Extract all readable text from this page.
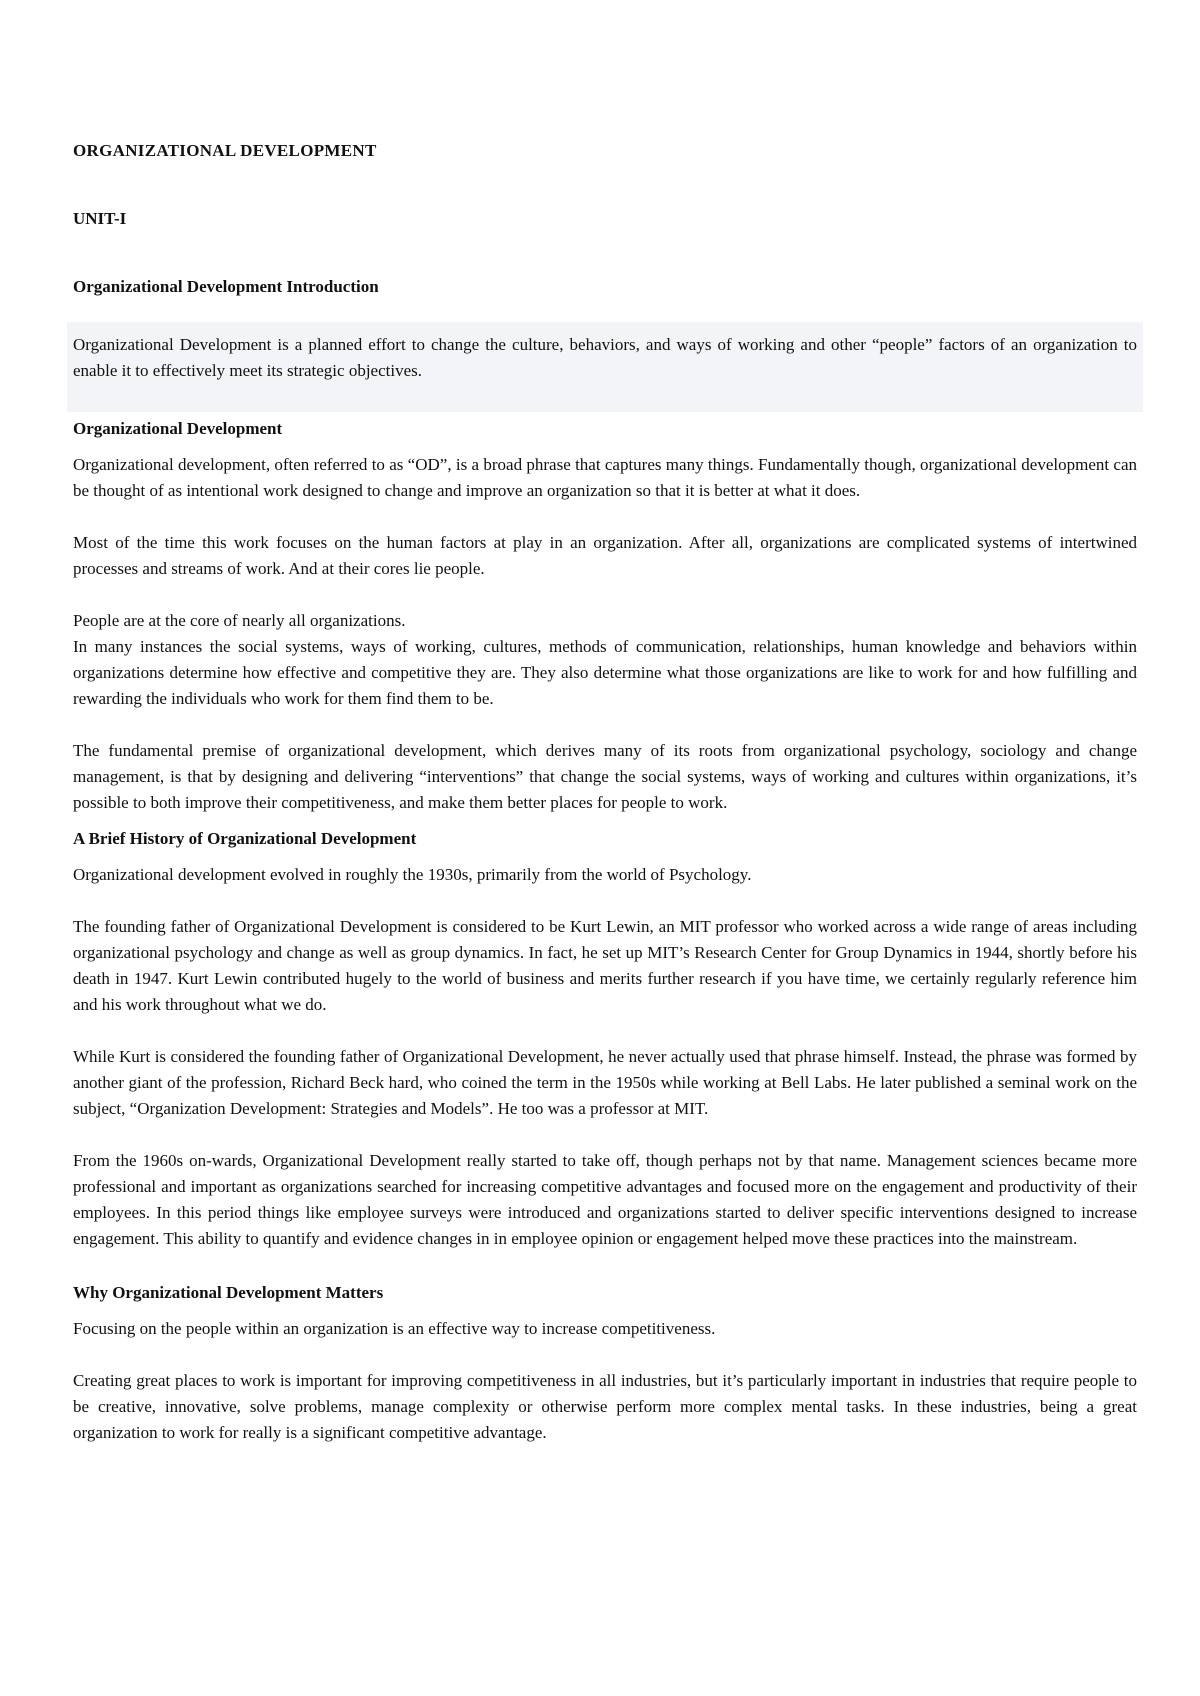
ORGANIZATIONAL DEVELOPMENT
UNIT-I
Organizational Development Introduction

Organizational Development is a planned effort to change the culture, behaviors, and ways of working and other “people” factors of an organization to enable it to effectively meet its strategic objectives.

Organizational Development

Organizational development, often referred to as “OD”, is a broad phrase that captures many things. Fundamentally though, organizational development can be thought of as intentional work designed to change and improve an organization so that it is better at what it does.

Most of the time this work focuses on the human factors at play in an organization. After all, organizations are complicated systems of intertwined processes and streams of work. And at their cores lie people.

People are at the core of nearly all organizations.

In many instances the social systems, ways of working, cultures, methods of communication, relationships, human knowledge and behaviors within organizations determine how effective and competitive they are. They also determine what those organizations are like to work for and how fulfilling and rewarding the individuals who work for them find them to be.

The fundamental premise of organizational development, which derives many of its roots from organizational psychology, sociology and change management, is that by designing and delivering “interventions” that change the social systems, ways of working and cultures within organizations, it’s possible to both improve their competitiveness, and make them better places for people to work.

A Brief History of Organizational Development

Organizational development evolved in roughly the 1930s, primarily from the world of Psychology.

The founding father of Organizational Development is considered to be Kurt Lewin, an MIT professor who worked across a wide range of areas including organizational psychology and change as well as group dynamics. In fact, he set up MIT’s Research Center for Group Dynamics in 1944, shortly before his death in 1947. Kurt Lewin contributed hugely to the world of business and merits further research if you have time, we certainly regularly reference him and his work throughout what we do.

While Kurt is considered the founding father of Organizational Development, he never actually used that phrase himself. Instead, the phrase was formed by another giant of the profession, Richard Beck hard, who coined the term in the 1950s while working at Bell Labs. He later published a seminal work on the subject, “Organization Development: Strategies and Models”. He too was a professor at MIT.

From the 1960s on-wards, Organizational Development really started to take off, though perhaps not by that name. Management sciences became more professional and important as organizations searched for increasing competitive advantages and focused more on the engagement and productivity of their employees. In this period things like employee surveys were introduced and organizations started to deliver specific interventions designed to increase engagement. This ability to quantify and evidence changes in in employee opinion or engagement helped move these practices into the mainstream.

Why Organizational Development Matters

Focusing on the people within an organization is an effective way to increase competitiveness.

Creating great places to work is important for improving competitiveness in all industries, but it’s particularly important in industries that require people to be creative, innovative, solve problems, manage complexity or otherwise perform more complex mental tasks. In these industries, being a great organization to work for really is a significant competitive advantage.
